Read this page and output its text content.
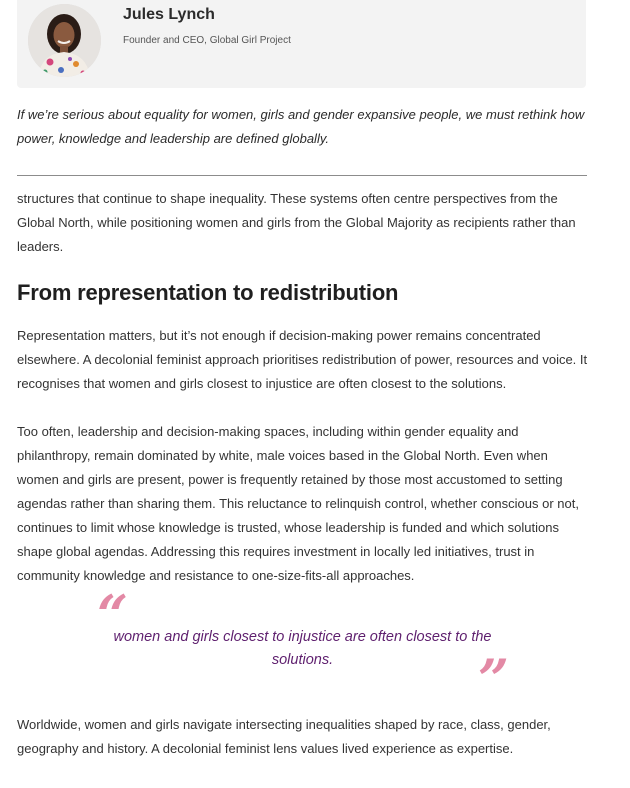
Jules Lynch
Founder and CEO, Global Girl Project

If we’re serious about equality for women, girls and gender expansive people, we must rethink how power, knowledge and leadership are defined globally.

structures that continue to shape inequality. These systems often centre perspectives from the Global North, while positioning women and girls from the Global Majority as recipients rather than leaders.

From representation to redistribution

Representation matters, but it’s not enough if decision-making power remains concentrated elsewhere. A decolonial feminist approach prioritises redistribution of power, resources and voice. It recognises that women and girls closest to injustice are often closest to the solutions.

Too often, leadership and decision-making spaces, including within gender equality and philanthropy, remain dominated by white, male voices based in the Global North. Even when women and girls are present, power is frequently retained by those most accustomed to setting agendas rather than sharing them. This reluctance to relinquish control, whether conscious or not, continues to limit whose knowledge is trusted, whose leadership is funded and which solutions shape global agendas. Addressing this requires investment in locally led initiatives, trust in community knowledge and resistance to one-size-fits-all approaches.

“

women and girls closest to injustice are often closest to the solutions.	”

Worldwide, women and girls navigate intersecting inequalities shaped by race, class, gender, geography and history. A decolonial feminist lens values lived experience as expertise.
